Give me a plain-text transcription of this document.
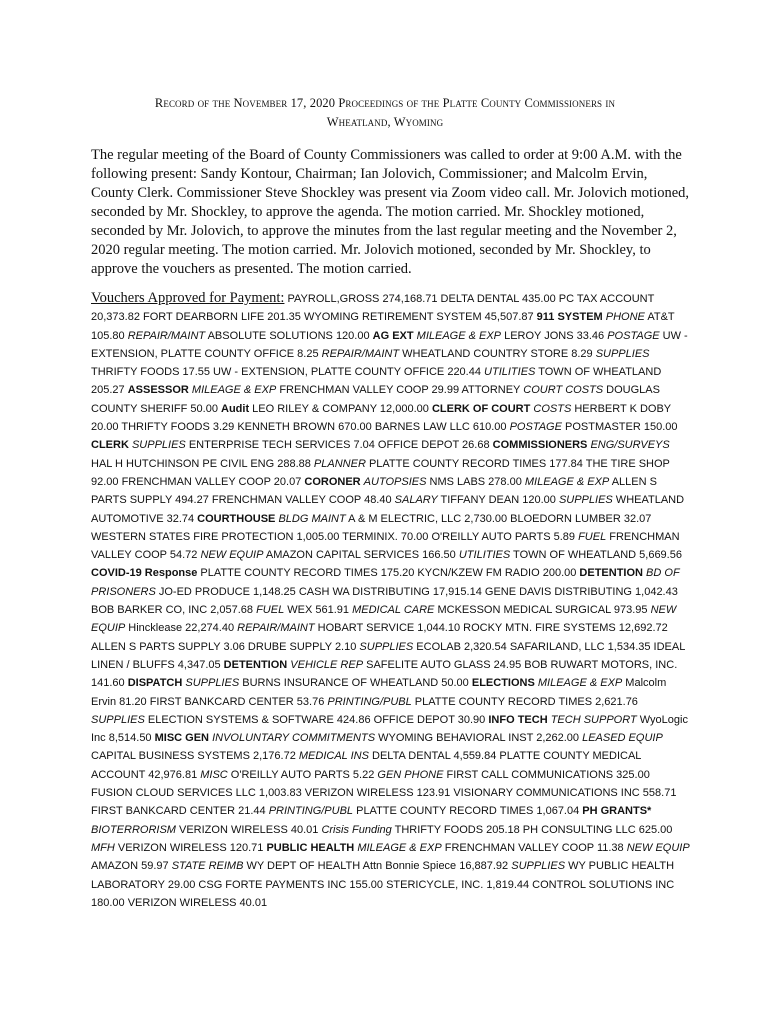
Record of the November 17, 2020 Proceedings of the Platte County Commissioners in
Wheatland, Wyoming

The regular meeting of the Board of County Commissioners was called to order at 9:00 A.M. with the following present: Sandy Kontour, Chairman; Ian Jolovich, Commissioner; and Malcolm Ervin, County Clerk. Commissioner Steve Shockley was present via Zoom video call. Mr. Jolovich motioned, seconded by Mr. Shockley, to approve the agenda. The motion carried. Mr. Shockley motioned, seconded by Mr. Jolovich, to approve the minutes from the last regular meeting and the November 2, 2020 regular meeting. The motion carried. Mr. Jolovich motioned, seconded by Mr. Shockley, to approve the vouchers as presented. The motion carried.

Vouchers Approved for Payment: PAYROLL,GROSS 274,168.71 DELTA DENTAL 435.00 PC TAX ACCOUNT 20,373.82 FORT DEARBORN LIFE 201.35 WYOMING RETIREMENT SYSTEM 45,507.87 911 SYSTEM PHONE AT&T 105.80 REPAIR/MAINT ABSOLUTE SOLUTIONS 120.00 AG EXT MILEAGE & EXP LEROY JONS 33.46 POSTAGE UW - EXTENSION, PLATTE COUNTY OFFICE 8.25 REPAIR/MAINT WHEATLAND COUNTRY STORE 8.29 SUPPLIES THRIFTY FOODS 17.55 UW - EXTENSION, PLATTE COUNTY OFFICE 220.44 UTILITIES TOWN OF WHEATLAND 205.27 ASSESSOR MILEAGE & EXP FRENCHMAN VALLEY COOP 29.99 ATTORNEY COURT COSTS DOUGLAS COUNTY SHERIFF 50.00 Audit LEO RILEY & COMPANY 12,000.00 CLERK OF COURT COSTS HERBERT K DOBY 20.00 THRIFTY FOODS 3.29 KENNETH BROWN 670.00 BARNES LAW LLC 610.00 POSTAGE POSTMASTER 150.00 CLERK SUPPLIES ENTERPRISE TECH SERVICES 7.04 OFFICE DEPOT 26.68 COMMISSIONERS ENG/SURVEYS HAL H HUTCHINSON PE CIVIL ENG 288.88 PLANNER PLATTE COUNTY RECORD TIMES 177.84 THE TIRE SHOP 92.00 FRENCHMAN VALLEY COOP 20.07 CORONER AUTOPSIES NMS LABS 278.00 MILEAGE & EXP ALLEN S PARTS SUPPLY 494.27 FRENCHMAN VALLEY COOP 48.40 SALARY TIFFANY DEAN 120.00 SUPPLIES WHEATLAND AUTOMOTIVE 32.74 COURTHOUSE BLDG MAINT A & M ELECTRIC, LLC 2,730.00 BLOEDORN LUMBER 32.07 WESTERN STATES FIRE PROTECTION 1,005.00 TERMINIX. 70.00 O'REILLY AUTO PARTS 5.89 FUEL FRENCHMAN VALLEY COOP 54.72 NEW EQUIP AMAZON CAPITAL SERVICES 166.50 UTILITIES TOWN OF WHEATLAND 5,669.56 COVID-19 Response PLATTE COUNTY RECORD TIMES 175.20 KYCN/KZEW FM RADIO 200.00 DETENTION BD OF PRISONERS JO-ED PRODUCE 1,148.25 CASH WA DISTRIBUTING 17,915.14 GENE DAVIS DISTRIBUTING 1,042.43 BOB BARKER CO, INC 2,057.68 FUEL WEX 561.91 MEDICAL CARE MCKESSON MEDICAL SURGICAL 973.95 NEW EQUIP Hincklease 22,274.40 REPAIR/MAINT HOBART SERVICE 1,044.10 ROCKY MTN. FIRE SYSTEMS 12,692.72 ALLEN S PARTS SUPPLY 3.06 DRUBE SUPPLY 2.10 SUPPLIES ECOLAB 2,320.54 SAFARILAND, LLC 1,534.35 IDEAL LINEN / BLUFFS 4,347.05 DETENTION VEHICLE REP SAFELITE AUTO GLASS 24.95 BOB RUWART MOTORS, INC. 141.60 DISPATCH SUPPLIES BURNS INSURANCE OF WHEATLAND 50.00 ELECTIONS MILEAGE & EXP Malcolm Ervin 81.20 FIRST BANKCARD CENTER 53.76 PRINTING/PUBL PLATTE COUNTY RECORD TIMES 2,621.76 SUPPLIES ELECTION SYSTEMS & SOFTWARE 424.86 OFFICE DEPOT 30.90 INFO TECH TECH SUPPORT WyoLogic Inc 8,514.50 MISC GEN INVOLUNTARY COMMITMENTS WYOMING BEHAVIORAL INST 2,262.00 LEASED EQUIP CAPITAL BUSINESS SYSTEMS 2,176.72 MEDICAL INS DELTA DENTAL 4,559.84 PLATTE COUNTY MEDICAL ACCOUNT 42,976.81 MISC O'REILLY AUTO PARTS 5.22 GEN PHONE FIRST CALL COMMUNICATIONS 325.00 FUSION CLOUD SERVICES LLC 1,003.83 VERIZON WIRELESS 123.91 VISIONARY COMMUNICATIONS INC 558.71 FIRST BANKCARD CENTER 21.44 PRINTING/PUBL PLATTE COUNTY RECORD TIMES 1,067.04 PH GRANTS* BIOTERRORISM VERIZON WIRELESS 40.01 Crisis Funding THRIFTY FOODS 205.18 PH CONSULTING LLC 625.00 MFH VERIZON WIRELESS 120.71 PUBLIC HEALTH MILEAGE & EXP FRENCHMAN VALLEY COOP 11.38 NEW EQUIP AMAZON 59.97 STATE REIMB WY DEPT OF HEALTH Attn Bonnie Spiece 16,887.92 SUPPLIES WY PUBLIC HEALTH LABORATORY 29.00 CSG FORTE PAYMENTS INC 155.00 STERICYCLE, INC. 1,819.44 CONTROL SOLUTIONS INC 180.00 VERIZON WIRELESS 40.01
